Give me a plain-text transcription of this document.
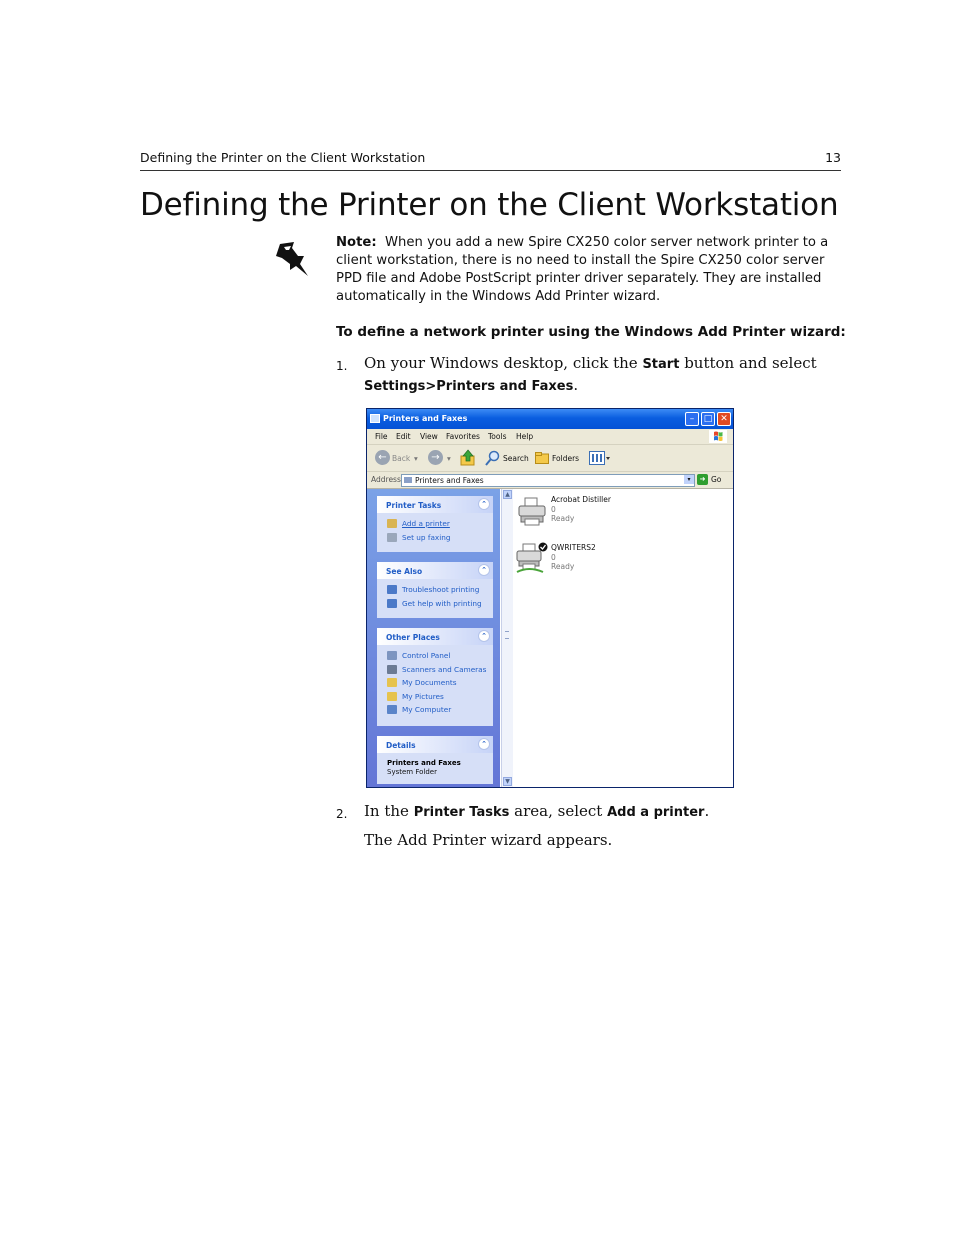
Defining the Printer on the Client Workstation	13
Defining the Printer on the Client Workstation
Note: When you add a new Spire CX250 color server network printer to a client workstation, there is no need to install the Spire CX250 color server PPD file and Adobe PostScript printer driver separately. They are installed automatically in the Windows Add Printer wizard.
To define a network printer using the Windows Add Printer wizard:
1. On your Windows desktop, click the Start button and select
Settings>Printers and Faxes.
Printers and Faxes	–	□ ✕
File Edit View Favorites Tools Help
← Back ▾	→ ▾	Search	Folders
Address Printers and Faxes	▾	➜ Go
Printer Tasks	⌃
Add a printer
Set up faxing
See Also	⌃
Troubleshoot printing
Get help with printing
Other Places	⌃
Control Panel
Scanners and Cameras
My Documents
My Pictures
My Computer
Details	⌃
Printers and Faxes
System Folder
▲
▼
Acrobat Distiller
0
Ready
QWRITERS2
0
Ready
2. In the Printer Tasks area, select Add a printer.
The Add Printer wizard appears.
